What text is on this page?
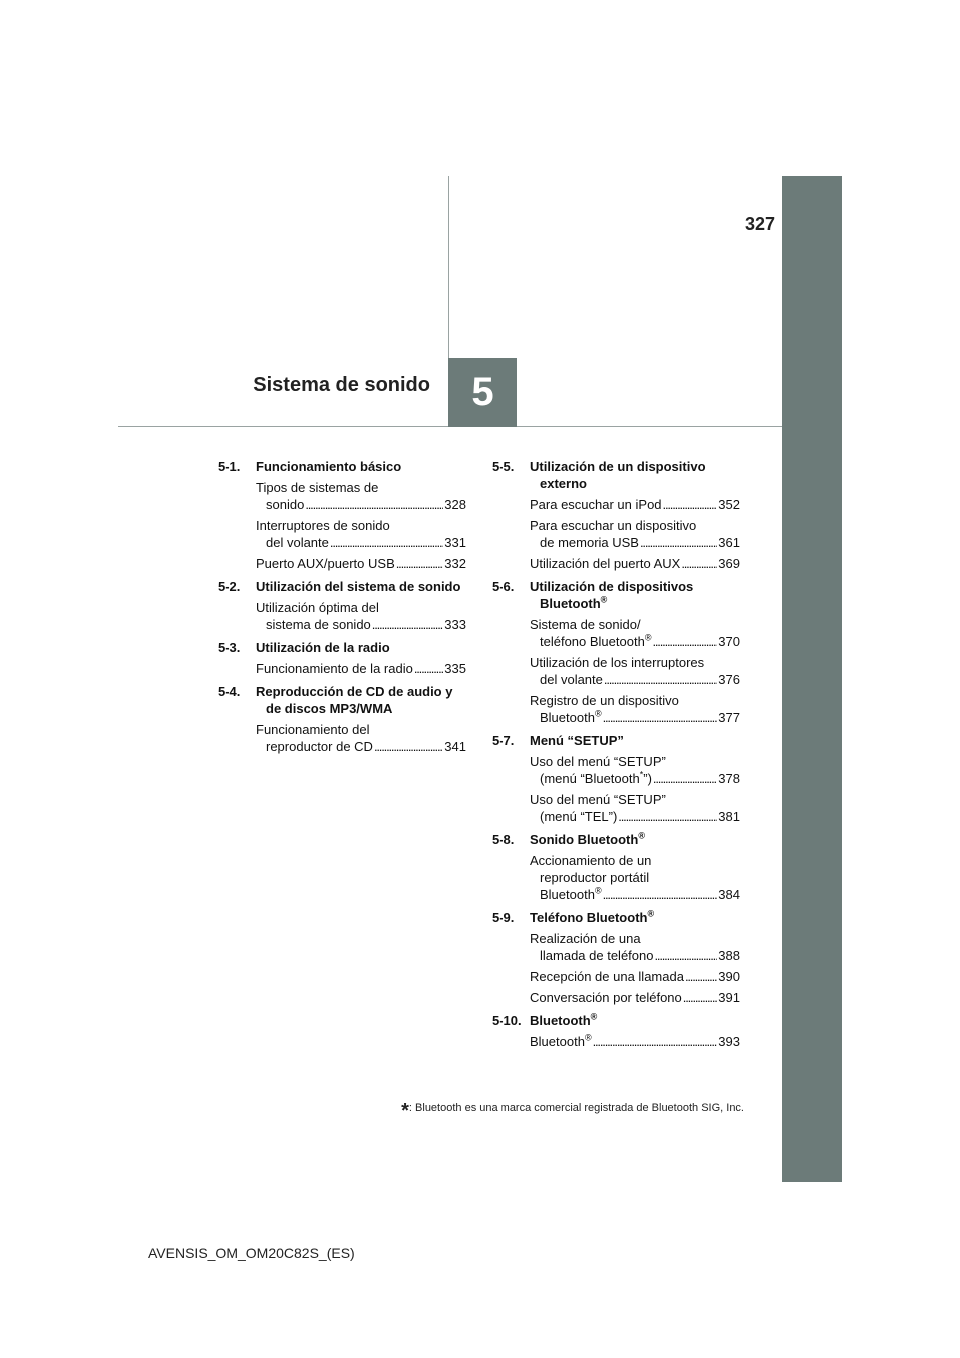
5
Sistema de sonido
327
5-1.	Funcionamiento básico
Tipos de sistemas de
sonido . . .	328
Interruptores de sonido
del volante . . .	331
Puerto AUX/puerto USB . . .	332
5-2.	Utilización del sistema de sonido
Utilización óptima del
sistema de sonido . . .	333
5-3.	Utilización de la radio
Funcionamiento de la radio . . . 335
5-4.	Reproducción de CD de audio y de discos MP3/WMA
Funcionamiento del
reproductor de CD . . .	341
5-5.	Utilización de un dispositivo externo
Para escuchar un iPod . . .	352
Para escuchar un dispositivo
de memoria USB . . .	361
Utilización del puerto AUX . . .	369
5-6.	Utilización de dispositivos Bluetooth®
Sistema de sonido/
teléfono Bluetooth® . . .	370
Utilización de los interruptores
del volante . . .	376
Registro de un dispositivo
Bluetooth® . . .	377
5-7.	Menú “SETUP”
Uso del menú “SETUP”
(menú “Bluetooth*”) . . .	378
Uso del menú “SETUP”
(menú “TEL”) . . .	381
5-8.	Sonido Bluetooth®
Accionamiento de un
reproductor portátil
Bluetooth® . . .	384
5-9.	Teléfono Bluetooth®
Realización de una
llamada de teléfono . . .	388
Recepción de una llamada . . .	390
Conversación por teléfono . . .	391
5-10. Bluetooth®
Bluetooth® . . .	393
*: Bluetooth es una marca comercial registrada de Bluetooth SIG, Inc.
AVENSIS_OM_OM20C82S_(ES)
